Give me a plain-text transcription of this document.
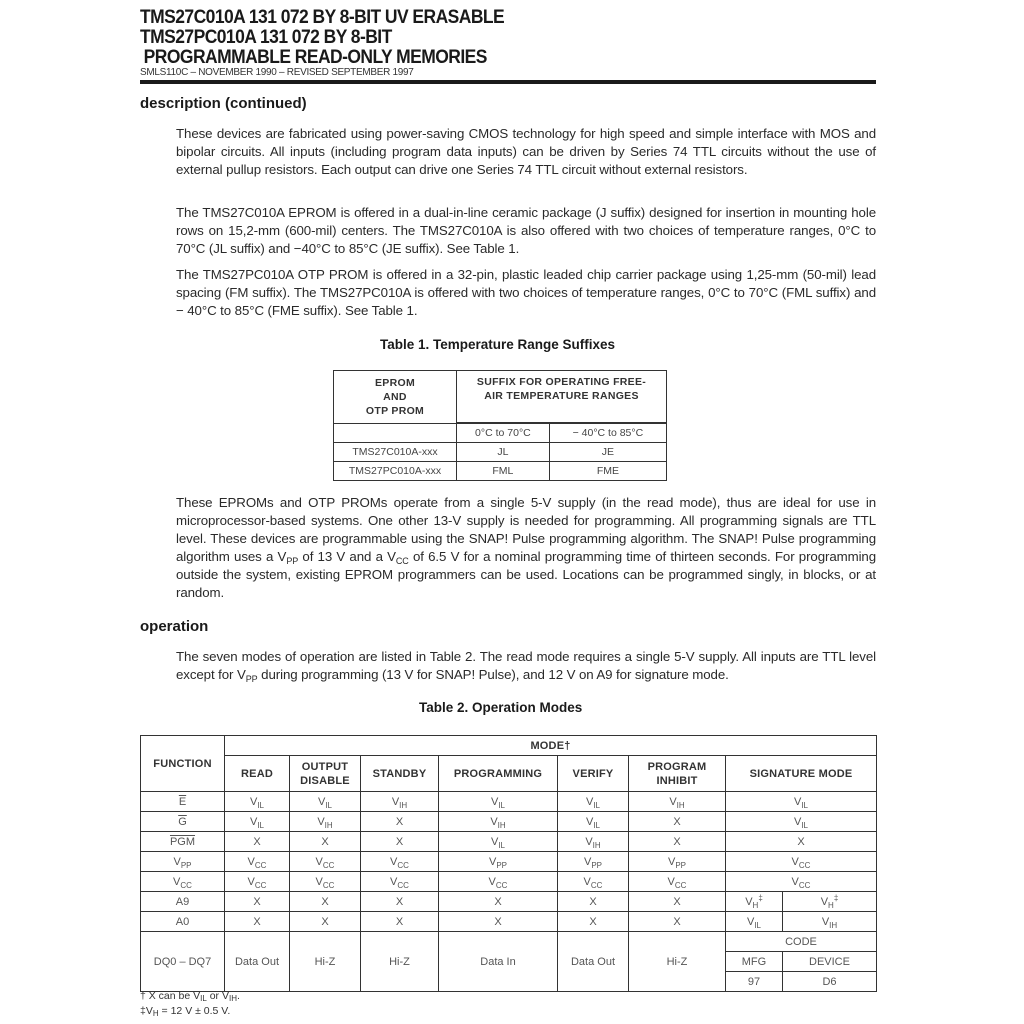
TMS27C010A 131 072 BY 8-BIT UV ERASABLE
TMS27PC010A 131 072 BY 8-BIT
PROGRAMMABLE READ-ONLY MEMORIES
SMLS110C – NOVEMBER 1990 – REVISED SEPTEMBER 1997
description (continued)
These devices are fabricated using power-saving CMOS technology for high speed and simple interface with MOS and bipolar circuits. All inputs (including program data inputs) can be driven by Series 74 TTL circuits without the use of external pullup resistors. Each output can drive one Series 74 TTL circuit without external resistors.
The TMS27C010A EPROM is offered in a dual-in-line ceramic package (J suffix) designed for insertion in mounting hole rows on 15,2-mm (600-mil) centers. The TMS27C010A is also offered with two choices of temperature ranges, 0°C to 70°C (JL suffix) and −40°C to 85°C (JE suffix). See Table 1.
The TMS27PC010A OTP PROM is offered in a 32-pin, plastic leaded chip carrier package using 1,25-mm (50-mil) lead spacing (FM suffix). The TMS27PC010A is offered with two choices of temperature ranges, 0°C to 70°C (FML suffix) and − 40°C to 85°C (FME suffix). See Table 1.
Table 1. Temperature Range Suffixes
EPROM
AND
OTP PROM	SUFFIX FOR OPERATING FREE-
AIR TEMPERATURE RANGES	

	0°C to 70°C	− 40°C to 85°C
TMS27C010A-xxx	JL	JE
TMS27PC010A-xxx	FML	FME
These EPROMs and OTP PROMs operate from a single 5-V supply (in the read mode), thus are ideal for use in microprocessor-based systems. One other 13-V supply is needed for programming. All programming signals are TTL level. These devices are programmable using the SNAP! Pulse programming algorithm. The SNAP! Pulse programming algorithm uses a $V_{PP}$ of 13 V and a $V_{CC}$ of 6.5 V for a nominal programming time of thirteen seconds. For programming outside the system, existing EPROM programmers can be used. Locations can be programmed singly, in blocks, or at random.
operation
The seven modes of operation are listed in Table 2. The read mode requires a single 5-V supply. All inputs are TTL level except for $V_{PP}$ during programming (13 V for SNAP! Pulse), and 12 V on A9 for signature mode.
Table 2. Operation Modes
FUNCTION	MODE†							
	READ	OUTPUT
DISABLE	STANDBY	PROGRAMMING	VERIFY	PROGRAM
INHIBIT	SIGNATURE MODE	
$\overline{E}$	$V_{IL}$	$V_{IL}$	$V_{IH}$	$V_{IL}$	$V_{IL}$	$V_{IH}$	$V_{IL}$
$\overline{G}$	$V_{IL}$	$V_{IH}$	X	$V_{IH}$	$V_{IL}$	X	$V_{IL}$
$\overline{PGM}$	X	X	X	$V_{IL}$	$V_{IH}$	X	X	
$V_{PP}$	$V_{CC}$	$V_{CC}$	$V_{CC}$	$V_{PP}$	$V_{PP}$	$V_{PP}$	$V_{CC}$
$V_{CC}$	$V_{CC}$	$V_{CC}$	$V_{CC}$	$V_{CC}$	$V_{CC}$	$V_{CC}$	$V_{CC}$
A9	X	X	X	X	X	X	$V_H^\ddagger$	$V_H^\ddagger$
A0	X	X	X	X	X	X	$V_{IL}$	$V_{IH}$
DQ0 – DQ7	Data Out	Hi-Z	Hi-Z	Data In	Data Out	Hi-Z	CODE	
							MFG	DEVICE
							97	D6
† X can be $V_{IL}$ or $V_{IH}$.
$\ddagger V_H = 12$ V ± 0.5 V.
